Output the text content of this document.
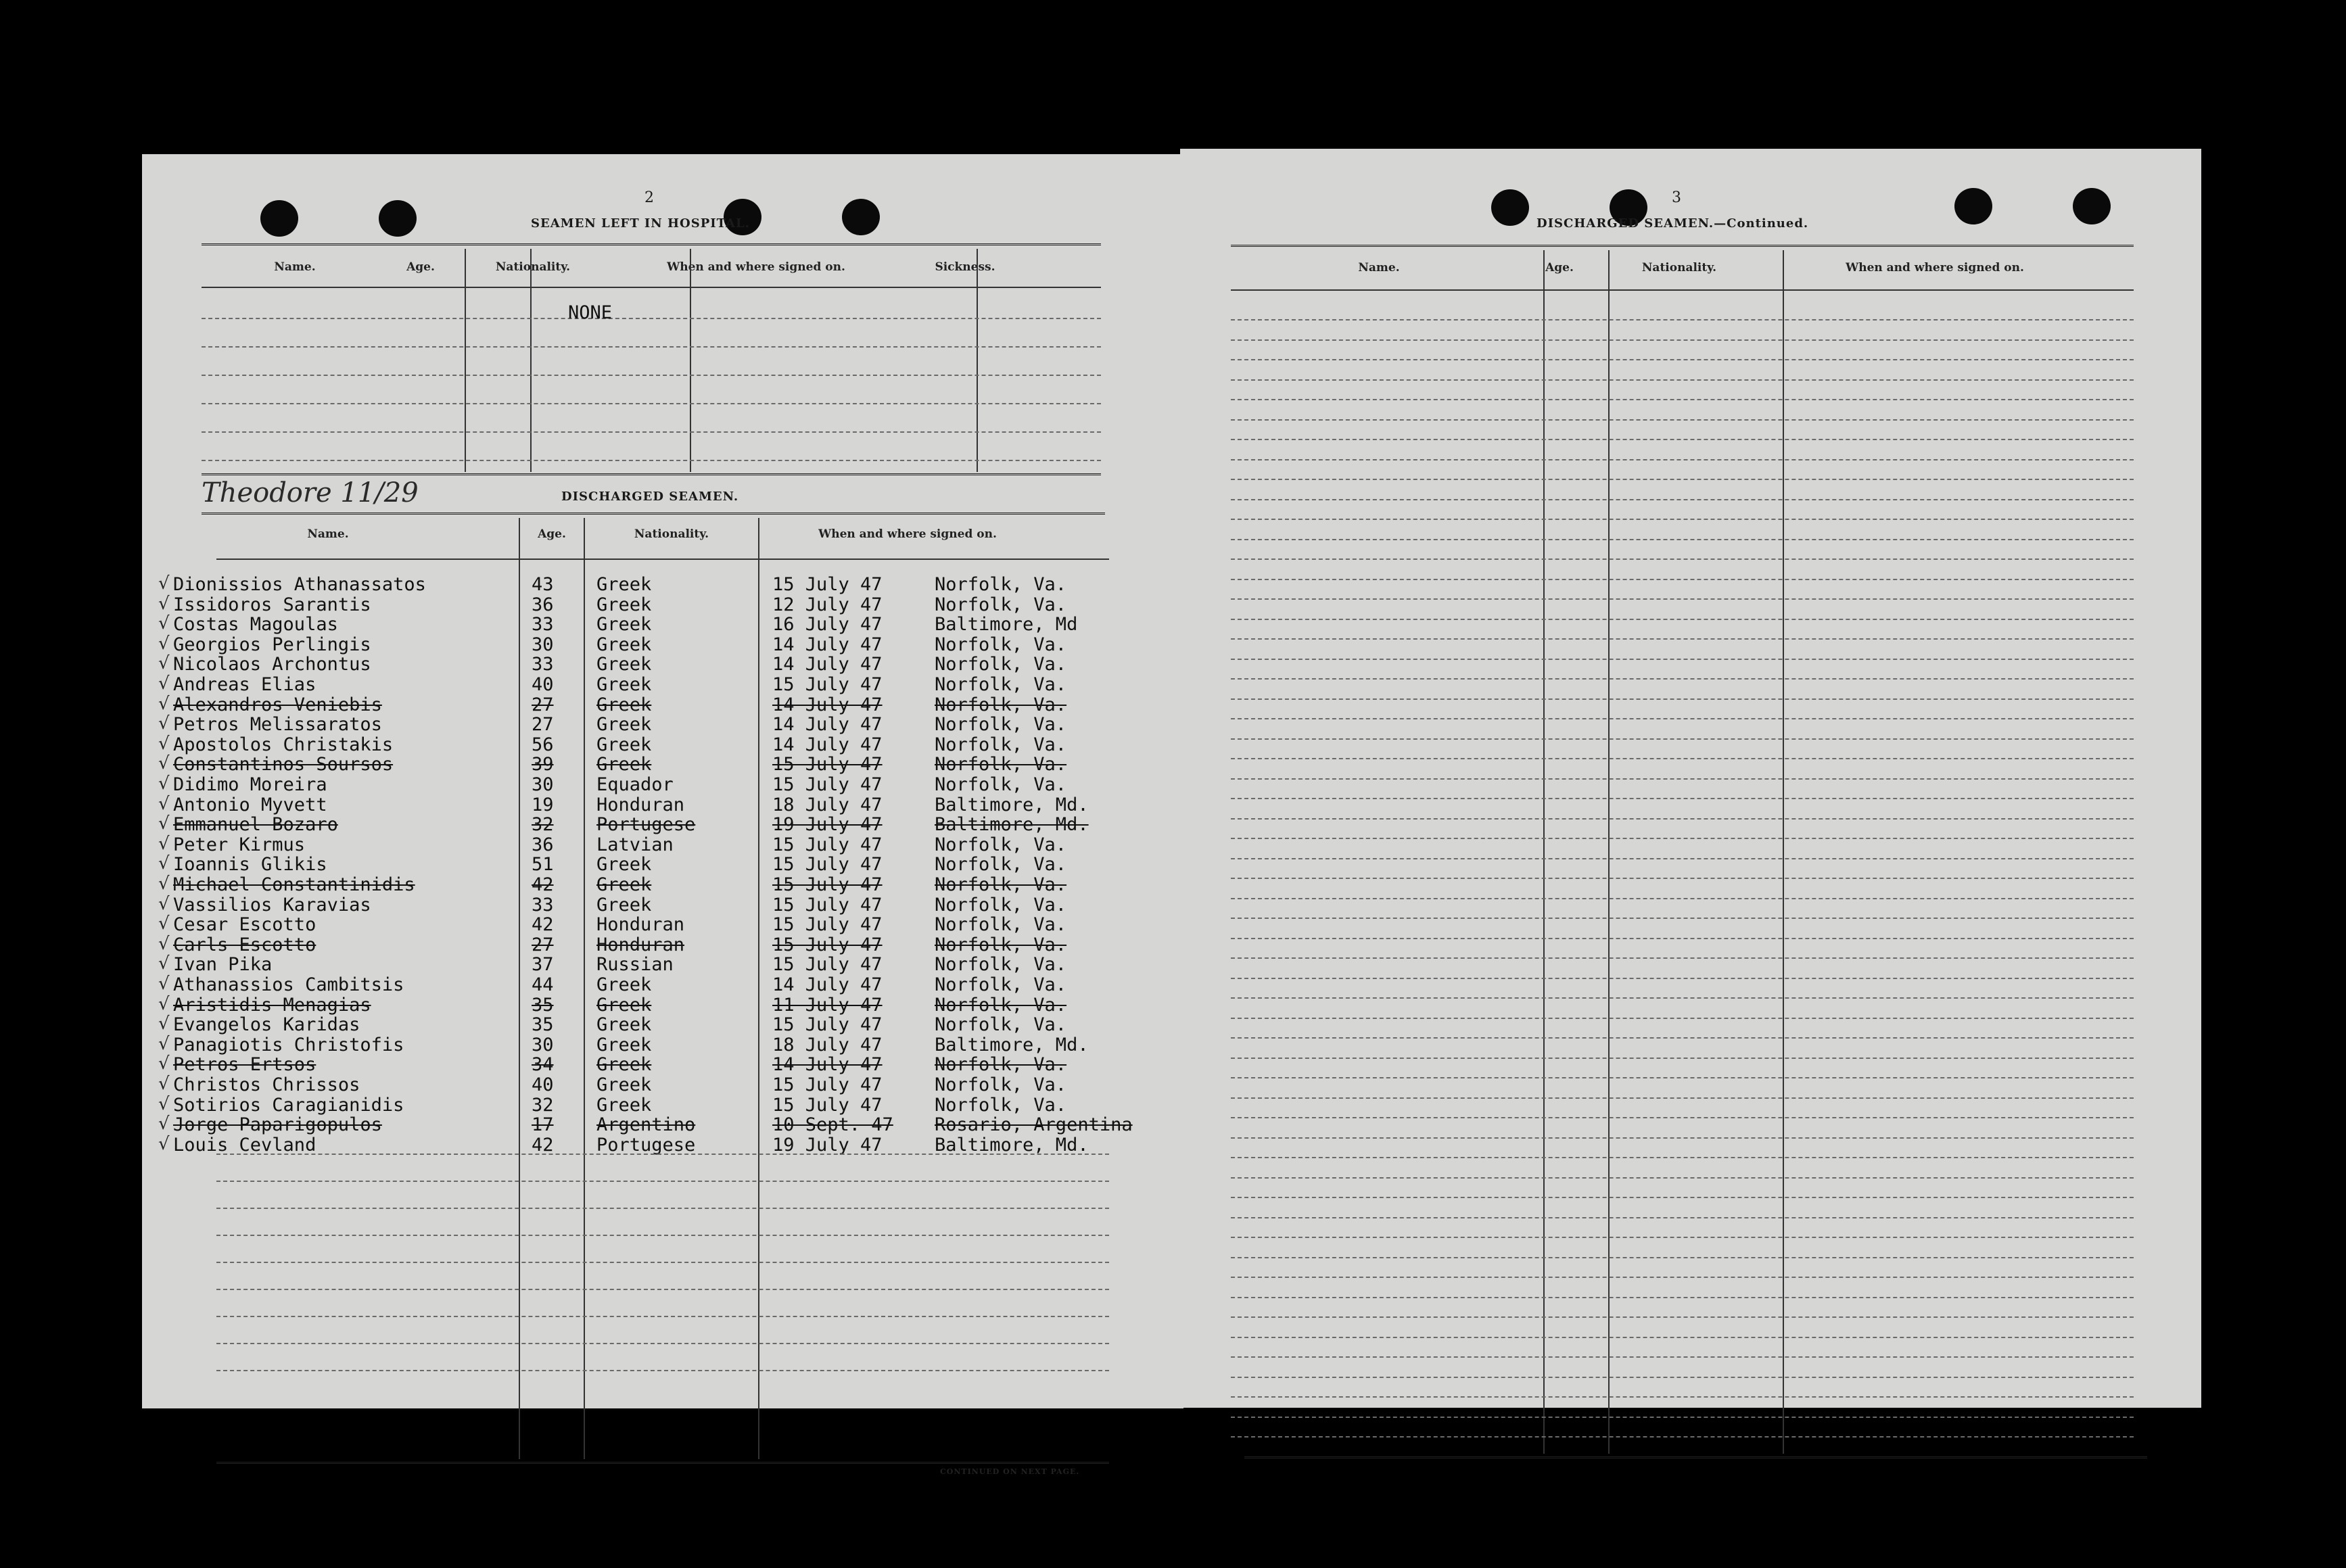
2
SEAMEN LEFT IN HOSPITAL.
Name.	Age.	Nationality.	When and where signed on.	Sickness.
NONE
Theodore 11/29	DISCHARGED SEAMEN.
Name.	Age.	Nationality.	When and where signed on.
√ Dionissios Athanassatos	43 Greek	15 July 47	Norfolk, Va.
√ Issidoros Sarantis	36 Greek	12 July 47	Norfolk, Va.
√ Costas Magoulas	33 Greek	16 July 47	Baltimore, Md
√ Georgios Perlingis	30 Greek	14 July 47	Norfolk, Va.
√ Nicolaos Archontus	33 Greek	14 July 47	Norfolk, Va.
√ Andreas Elias	40 Greek	15 July 47	Norfolk, Va.
√ Alexandros Veniebis	27 Greek	14 July 47	Norfolk, Va.
√ Petros Melissaratos	27 Greek	14 July 47	Norfolk, Va.
√ Apostolos Christakis	56 Greek	14 July 47	Norfolk, Va.
√ Constantinos Soursos	39 Greek	15 July 47	Norfolk, Va.
√ Didimo Moreira	30 Equador	15 July 47	Norfolk, Va.
√ Antonio Myvett	19 Honduran	18 July 47	Baltimore, Md.
√ Emmanuel Bozaro	32 Portugese	19 July 47	Baltimore, Md.
√ Peter Kirmus	36 Latvian	15 July 47	Norfolk, Va.
√ Ioannis Glikis	51 Greek	15 July 47	Norfolk, Va.
√ Michael Constantinidis	42 Greek	15 July 47	Norfolk, Va.
√ Vassilios Karavias	33 Greek	15 July 47	Norfolk, Va.
√ Cesar Escotto	42 Honduran	15 July 47	Norfolk, Va.
√ Carls Escotto	27 Honduran	15 July 47	Norfolk, Va.
√ Ivan Pika	37 Russian	15 July 47	Norfolk, Va.
√ Athanassios Cambitsis	44 Greek	14 July 47	Norfolk, Va.
√ Aristidis Menagias	35 Greek	11 July 47	Norfolk, Va.
√ Evangelos Karidas	35 Greek	15 July 47	Norfolk, Va.
√ Panagiotis Christofis	30 Greek	18 July 47	Baltimore, Md.
√ Petros Ertsos	34 Greek	14 July 47	Norfolk, Va.
√ Christos Chrissos	40 Greek	15 July 47	Norfolk, Va.
√ Sotirios Caragianidis	32 Greek	15 July 47	Norfolk, Va.
√ Jorge Paparigopulos	17 Argentino	10 Sept. 47 Rosario, Argentina
√ Louis Cevland	42 Portugese	19 July 47	Baltimore, Md.
CONTINUED ON NEXT PAGE.
3
DISCHARGED SEAMEN.—Continued.
Name.	Age.	Nationality.	When and where signed on.
